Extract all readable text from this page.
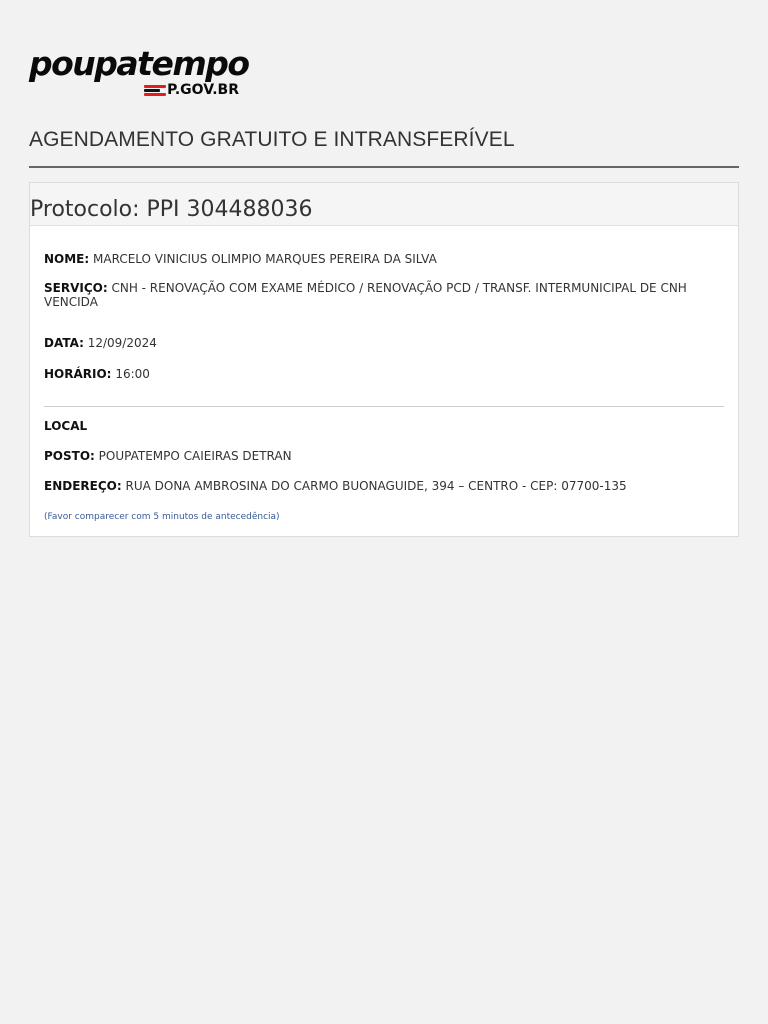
poupatempo
P.GOV.BR
AGENDAMENTO GRATUITO E INTRANSFERÍVEL
Protocolo: PPI 304488036
NOME: MARCELO VINICIUS OLIMPIO MARQUES PEREIRA DA SILVA
SERVIÇO: CNH - RENOVAÇÃO COM EXAME MÉDICO / RENOVAÇÃO PCD / TRANSF. INTERMUNICIPAL DE CNH VENCIDA
DATA: 12/09/2024
HORÁRIO: 16:00
LOCAL
POSTO: POUPATEMPO CAIEIRAS DETRAN
ENDEREÇO: RUA DONA AMBROSINA DO CARMO BUONAGUIDE, 394 – CENTRO - CEP: 07700-135
(Favor comparecer com 5 minutos de antecedência)
